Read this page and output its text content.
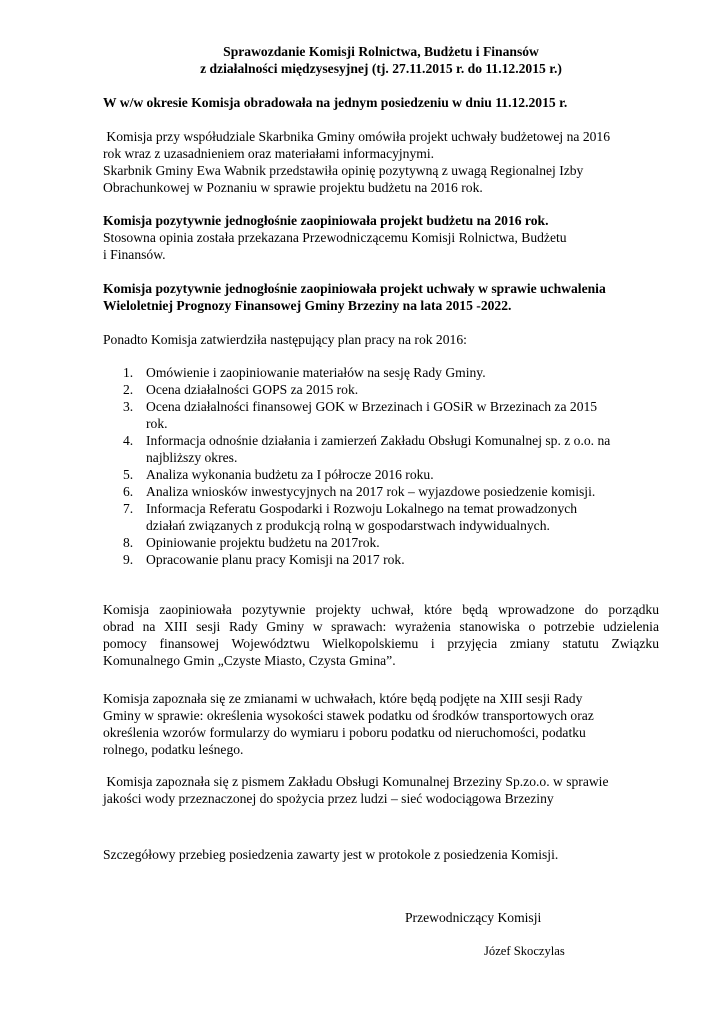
Sprawozdanie Komisji Rolnictwa, Budżetu i Finansów
z działalności międzysesyjnej (tj. 27.11.2015 r. do 11.12.2015 r.)
W w/w okresie Komisja obradowała na jednym posiedzeniu w dniu 11.12.2015 r.
Komisja przy współudziale Skarbnika Gminy omówiła projekt uchwały budżetowej na 2016
rok wraz z uzasadnieniem oraz materiałami informacyjnymi.
Skarbnik Gminy Ewa Wabnik przedstawiła opinię pozytywną z uwagą Regionalnej Izby
Obrachunkowej w Poznaniu w sprawie projektu budżetu na 2016 rok.
Komisja pozytywnie jednogłośnie zaopiniowała projekt budżetu na 2016 rok.
Stosowna opinia została przekazana Przewodniczącemu Komisji Rolnictwa, Budżetu
i Finansów.
Komisja pozytywnie jednogłośnie zaopiniowała projekt uchwały w sprawie uchwalenia
Wieloletniej Prognozy Finansowej Gminy Brzeziny na lata 2015 -2022.
Ponadto Komisja zatwierdziła następujący plan pracy na rok 2016:
1. Omówienie i zaopiniowanie materiałów na sesję Rady Gminy.
2. Ocena działalności GOPS za 2015 rok.
3. Ocena działalności finansowej GOK w Brzezinach i GOSiR w Brzezinach za 2015
rok.
4. Informacja odnośnie działania i zamierzeń Zakładu Obsługi Komunalnej sp. z o.o. na
najbliższy okres.
5. Analiza wykonania budżetu za I półrocze 2016 roku.
6. Analiza wniosków inwestycyjnych na 2017 rok – wyjazdowe posiedzenie komisji.
7. Informacja Referatu Gospodarki i Rozwoju Lokalnego na temat prowadzonych
działań związanych z produkcją rolną w gospodarstwach indywidualnych.
8. Opiniowanie projektu budżetu na 2017rok.
9. Opracowanie planu pracy Komisji na 2017 rok.
Komisja zaopiniowała pozytywnie projekty uchwał, które będą wprowadzone do porządku
obrad na XIII sesji Rady Gminy w sprawach: wyrażenia stanowiska o potrzebie udzielenia
pomocy finansowej Województwu Wielkopolskiemu i przyjęcia zmiany statutu Związku
Komunalnego Gmin „Czyste Miasto, Czysta Gmina”.
Komisja zapoznała się ze zmianami w uchwałach, które będą podjęte na XIII sesji Rady
Gminy w sprawie: określenia wysokości stawek podatku od środków transportowych oraz
określenia wzorów formularzy do wymiaru i poboru podatku od nieruchomości, podatku
rolnego, podatku leśnego.
Komisja zapoznała się z pismem Zakładu Obsługi Komunalnej Brzeziny Sp.zo.o. w sprawie
jakości wody przeznaczonej do spożycia przez ludzi – sieć wodociągowa Brzeziny
Szczegółowy przebieg posiedzenia zawarty jest w protokole z posiedzenia Komisji.
Przewodniczący Komisji
Józef Skoczylas
